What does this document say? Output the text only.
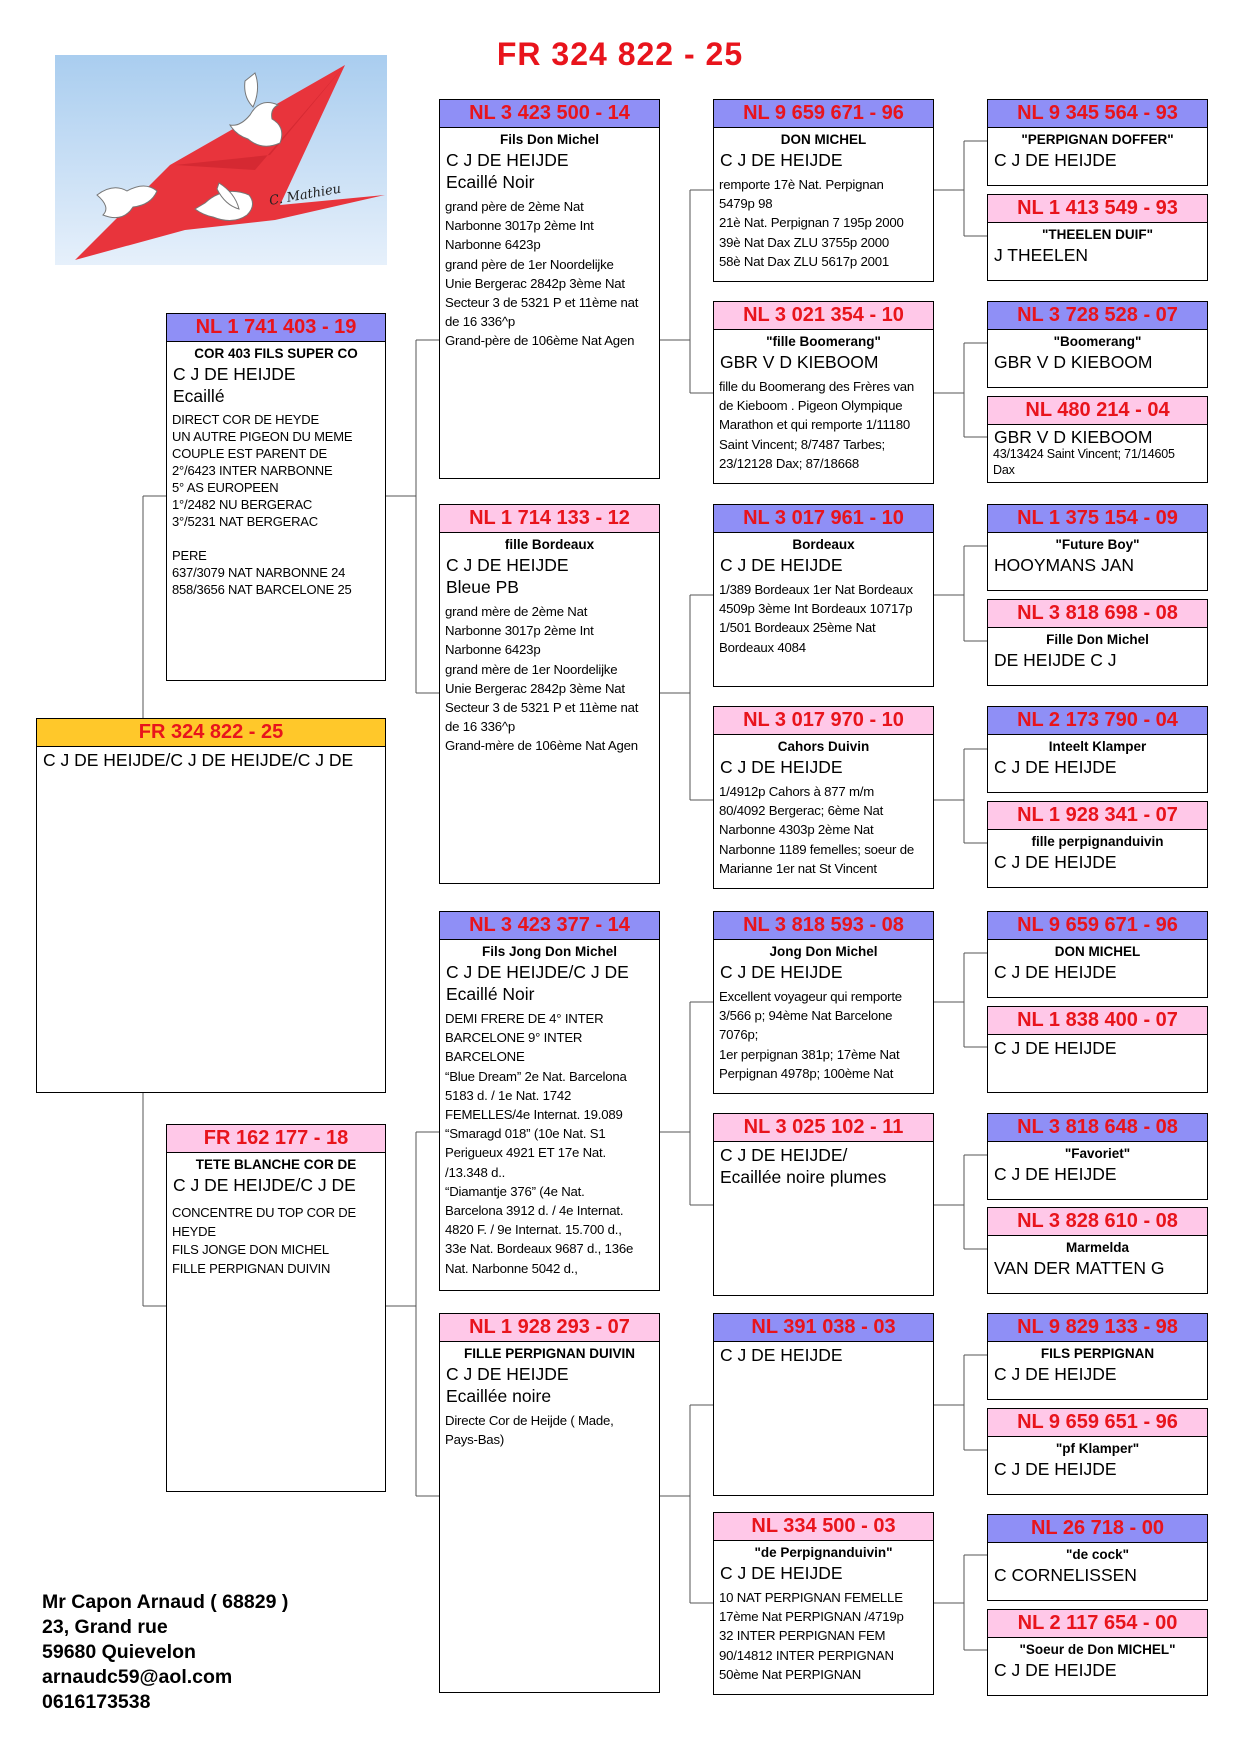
FR 324 822 - 25
C. Mathieu
FR 324 822 - 25
C J DE HEIJDE/C J DE HEIJDE/C J DE
NL 1 741 403 - 19
COR 403 FILS SUPER CO
C J DE HEIJDE
Ecaillé
DIRECT COR DE HEYDE
UN AUTRE PIGEON DU MEME
COUPLE EST PARENT DE
2°/6423 INTER NARBONNE
5° AS EUROPEEN
1°/2482 NU BERGERAC
3°/5231 NAT BERGERAC

PERE
637/3079 NAT NARBONNE 24
858/3656 NAT BARCELONE 25
FR 162 177 - 18
TETE BLANCHE COR DE
C J DE HEIJDE/C J DE
CONCENTRE DU TOP COR DE
HEYDE
FILS JONGE DON MICHEL
FILLE PERPIGNAN DUIVIN
NL 3 423 500 - 14
Fils Don Michel
C J DE HEIJDE
Ecaillé Noir
grand père de 2ème Nat
Narbonne 3017p 2ème Int
Narbonne 6423p
grand père de 1er Noordelijke
Unie Bergerac 2842p 3ème Nat
Secteur 3 de 5321 P et 11ème nat
de 16 336^p
Grand-père de 106ème Nat Agen
NL 1 714 133 - 12
fille Bordeaux
C J DE HEIJDE
Bleue PB
grand mère de 2ème Nat
Narbonne 3017p 2ème Int
Narbonne 6423p
grand mère de 1er Noordelijke
Unie Bergerac 2842p 3ème Nat
Secteur 3 de 5321 P et 11ème nat
de 16 336^p
Grand-mère de 106ème Nat Agen
NL 3 423 377 - 14
Fils Jong Don Michel
C J DE HEIJDE/C J DE
Ecaillé Noir
DEMI FRERE DE 4° INTER
BARCELONE 9° INTER
BARCELONE
“Blue Dream” 2e Nat. Barcelona
5183 d. / 1e Nat. 1742
FEMELLES/4e Internat. 19.089
“Smaragd 018” (10e Nat. S1
Perigueux 4921 ET 17e Nat.
/13.348 d..
“Diamantje 376” (4e Nat.
Barcelona 3912 d. / 4e Internat.
4820 F. / 9e Internat. 15.700 d.,
33e Nat. Bordeaux 9687 d., 136e
Nat. Narbonne 5042 d.,
NL 1 928 293 - 07
FILLE PERPIGNAN DUIVIN
C J DE HEIJDE
Ecaillée noire
Directe Cor de Heijde ( Made,
Pays-Bas)
NL 9 659 671 - 96
DON MICHEL
C J DE HEIJDE
remporte 17è Nat. Perpignan
5479p 98
21è Nat. Perpignan 7 195p 2000
39è Nat Dax ZLU 3755p 2000
58è Nat Dax ZLU 5617p 2001
NL 3 021 354 - 10
"fille Boomerang"
GBR V D KIEBOOM
fille du Boomerang des Frères van
de Kieboom . Pigeon Olympique
Marathon et qui remporte 1/11180
Saint Vincent; 8/7487 Tarbes;
23/12128 Dax; 87/18668
NL 3 017 961 - 10
Bordeaux
C J DE HEIJDE
1/389 Bordeaux 1er Nat Bordeaux
4509p 3ème Int Bordeaux 10717p
1/501 Bordeaux 25ème Nat
Bordeaux 4084
NL 3 017 970 - 10
Cahors Duivin
C J DE HEIJDE
1/4912p Cahors à 877 m/m
80/4092 Bergerac; 6ème Nat
Narbonne 4303p 2ème Nat
Narbonne 1189 femelles; soeur de
Marianne 1er nat St Vincent
NL 3 818 593 - 08
Jong Don Michel
C J DE HEIJDE
Excellent voyageur qui remporte
3/566 p; 94ème Nat Barcelone
7076p;
1er perpignan 381p; 17ème Nat
Perpignan 4978p; 100ème Nat
NL 3 025 102 - 11
C J DE HEIJDE/
Ecaillée noire plumes
NL 391 038 - 03
C J DE HEIJDE
NL 334 500 - 03
"de Perpignanduivin"
C J DE HEIJDE
10 NAT PERPIGNAN FEMELLE
17ème Nat PERPIGNAN /4719p
32 INTER PERPIGNAN FEM
90/14812 INTER PERPIGNAN
50ème Nat PERPIGNAN
NL 9 345 564 - 93
"PERPIGNAN DOFFER"
C J DE HEIJDE
NL 1 413 549 - 93
"THEELEN DUIF"
J THEELEN
NL 3 728 528 - 07
"Boomerang"
GBR V D KIEBOOM
NL 480 214 - 04
GBR V D KIEBOOM
43/13424 Saint Vincent; 71/14605
Dax
NL 1 375 154 - 09
"Future Boy"
HOOYMANS JAN
NL 3 818 698 - 08
Fille Don Michel
DE HEIJDE C J
NL 2 173 790 - 04
Inteelt Klamper
C J DE HEIJDE
NL 1 928 341 - 07
fille perpignanduivin
C J DE HEIJDE
NL 9 659 671 - 96
DON MICHEL
C J DE HEIJDE
NL 1 838 400 - 07
C J DE HEIJDE
NL 3 818 648 - 08
"Favoriet"
C J DE HEIJDE
NL 3 828 610 - 08
Marmelda
VAN DER MATTEN G
NL 9 829 133 - 98
FILS PERPIGNAN
C J DE HEIJDE
NL 9 659 651 - 96
"pf Klamper"
C J DE HEIJDE
NL 26 718 - 00
"de cock"
C CORNELISSEN
NL 2 117 654 - 00
"Soeur de Don MICHEL"
C J DE HEIJDE
Mr Capon Arnaud ( 68829 )
23, Grand rue
59680 Quievelon
arnaudc59@aol.com
0616173538
